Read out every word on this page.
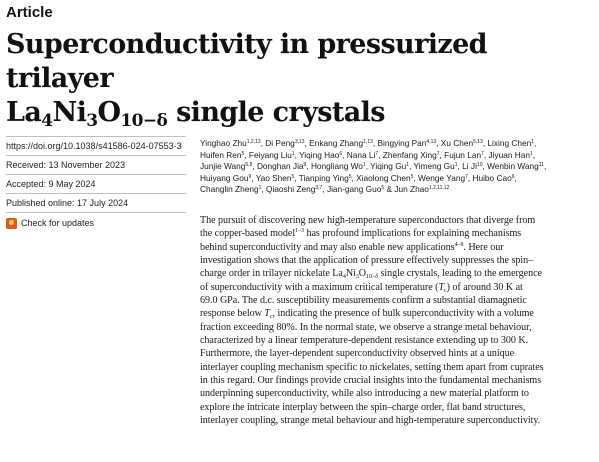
Article
Superconductivity in pressurized trilayer
$La_4Ni_3O_{10-\delta}$ single crystals
https://doi.org/10.1038/s41586-024-07553-3
Received: 13 November 2023
Accepted: 9 May 2024
Published online: 17 July 2024
Check for updates
Yinghao Zhu$^{1,2,13}$, Di Peng$^{3,13}$, Enkang Zhang$^{1,13}$, Bingying Pan$^{4,13}$, Xu Chen$^{5,13}$, Lixing Chen$^1$,
Huifen Ren$^5$, Feiyang Liu$^1$, Yiqing Hao$^6$, Nana Li$^7$, Zhenfang Xing$^7$, Fujun Lan$^7$, Jiyuan Han$^1$,
Junjie Wang$^{5,8}$, Donghan Jia$^9$, Hongliang Wo$^1$, Yiqing Gu$^1$, Yimeng Gu$^1$, Li Ji$^{10}$, Wenbin Wang$^{11}$,
Huiyang Gou$^9$, Yao Shen$^5$, Tianping Ying$^5$, Xiaolong Chen$^5$, Wenge Yang$^7$, Huibo Cao$^6$,
Changlin Zheng$^1$, Qiaoshi Zeng$^{3,7}$, Jian-gang Guo$^5$ & Jun Zhao$^{1,2,11,12}$
The pursuit of discovering new high-temperature superconductors that diverge from
the copper-based model$^{1-3}$ has profound implications for explaining mechanisms
behind superconductivity and may also enable new applications$^{4-8}$. Here our
investigation shows that the application of pressure effectively suppresses the spin–
charge order in trilayer nickelate $La_4Ni_3O_{10-\delta}$ single crystals, leading to the emergence
of superconductivity with a maximum critical temperature $(T_c)$ of around 30 K at
69.0 GPa. The d.c. susceptibility measurements confirm a substantial diamagnetic
response below $T_c$, indicating the presence of bulk superconductivity with a volume
fraction exceeding 80%. In the normal state, we observe a strange metal behaviour,
characterized by a linear temperature-dependent resistance extending up to 300 K.
Furthermore, the layer-dependent superconductivity observed hints at a unique
interlayer coupling mechanism specific to nickelates, setting them apart from cuprates
in this regard. Our findings provide crucial insights into the fundamental mechanisms
underpinning superconductivity, while also introducing a new material platform to
explore the intricate interplay between the spin–charge order, flat band structures,
interlayer coupling, strange metal behaviour and high-temperature superconductivity.
